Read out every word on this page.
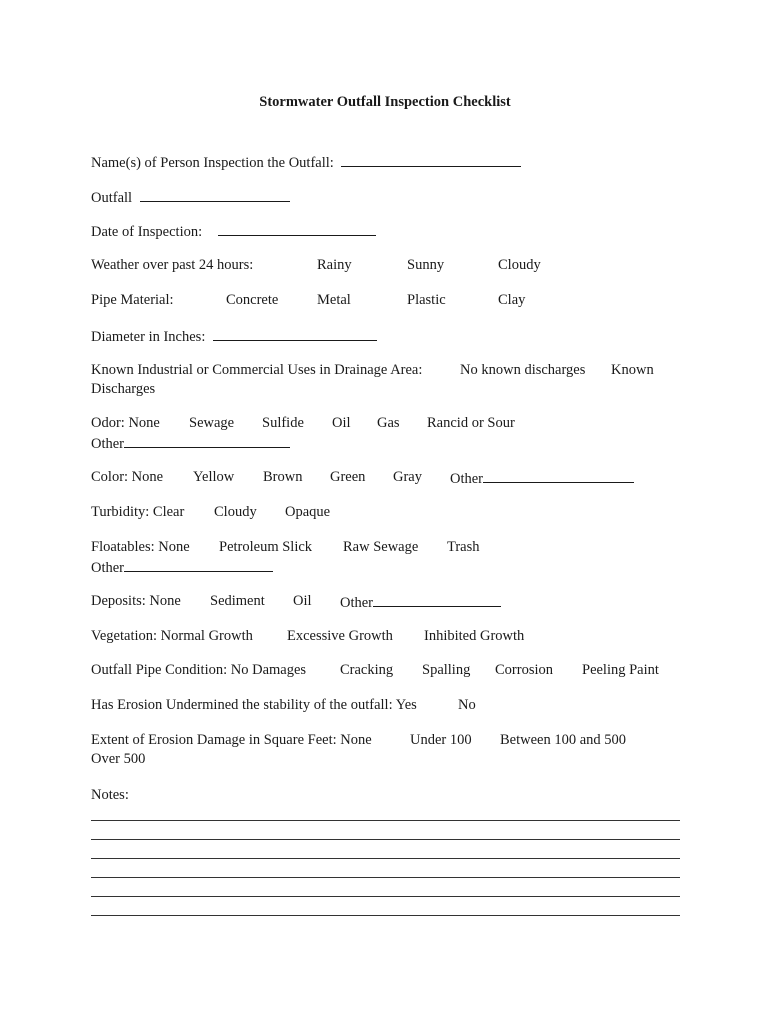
Stormwater Outfall Inspection Checklist
Name(s) of Person Inspection the Outfall:
Outfall
Date of Inspection:
Weather over past 24 hours:	Rainy	Sunny	Cloudy
Pipe Material:	Concrete	Metal	Plastic	Clay
Diameter in Inches:
Known Industrial or Commercial Uses in Drainage Area:	No known discharges Known
Discharges
Odor: None Sewage Sulfide Oil Gas Rancid or Sour
Other
Color: None Yellow Brown Green Gray Other
Turbidity: Clear Cloudy Opaque
Floatables: None Petroleum Slick Raw Sewage Trash
Other
Deposits: None Sediment Oil Other
Vegetation: Normal Growth Excessive Growth Inhibited Growth
Outfall Pipe Condition: No Damages Cracking Spalling Corrosion Peeling Paint
Has Erosion Undermined the stability of the outfall: Yes	No
Extent of Erosion Damage in Square Feet: None	Under 100 Between 100 and 500
Over 500
Notes:
